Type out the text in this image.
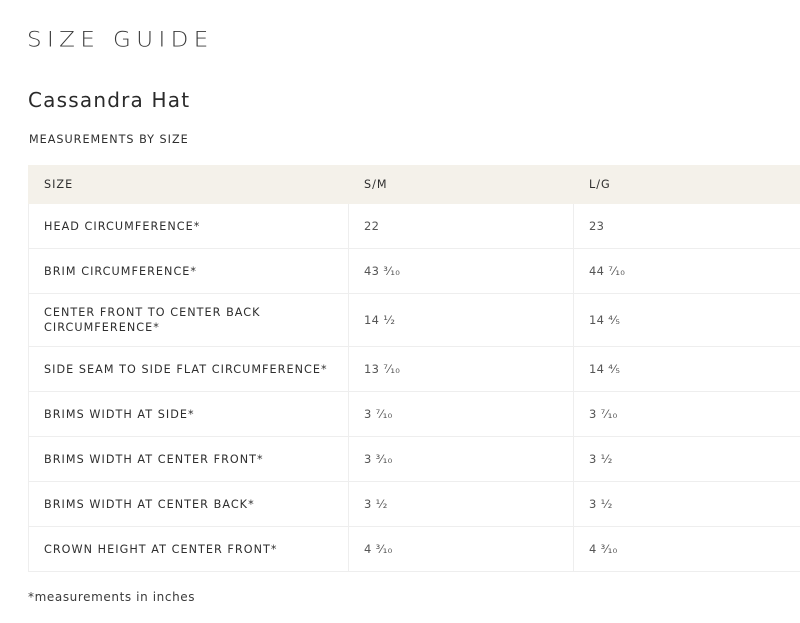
SIZE GUIDE
Cassandra Hat
MEASUREMENTS BY SIZE
SIZE	S/M	L/G
HEAD CIRCUMFERENCE*	22	23
BRIM CIRCUMFERENCE*	43 ³⁄₁₀	44 ⁷⁄₁₀
CENTER FRONT TO CENTER BACK CIRCUMFERENCE*	14 ¹⁄₂	14 ⁴⁄₅
SIDE SEAM TO SIDE FLAT CIRCUMFERENCE*	13 ⁷⁄₁₀	14 ⁴⁄₅
BRIMS WIDTH AT SIDE*	3 ⁷⁄₁₀	3 ⁷⁄₁₀
BRIMS WIDTH AT CENTER FRONT*	3 ³⁄₁₀	3 ¹⁄₂
BRIMS WIDTH AT CENTER BACK*	3 ¹⁄₂	3 ¹⁄₂
CROWN HEIGHT AT CENTER FRONT*	4 ³⁄₁₀	4 ³⁄₁₀
*measurements in inches
